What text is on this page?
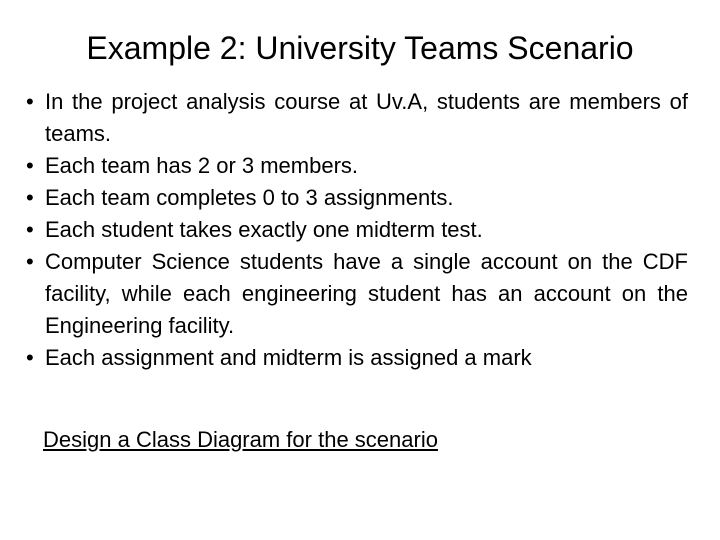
Example 2: University Teams Scenario
• In the project analysis course at Uv.A, students are members of teams.
• Each team has 2 or 3 members.
• Each team completes 0 to 3 assignments.
• Each student takes exactly one midterm test.
• Computer Science students have a single account on the CDF facility, while each engineering student has an account on the Engineering facility.
• Each assignment and midterm is assigned a mark
Design a Class Diagram for the scenario
